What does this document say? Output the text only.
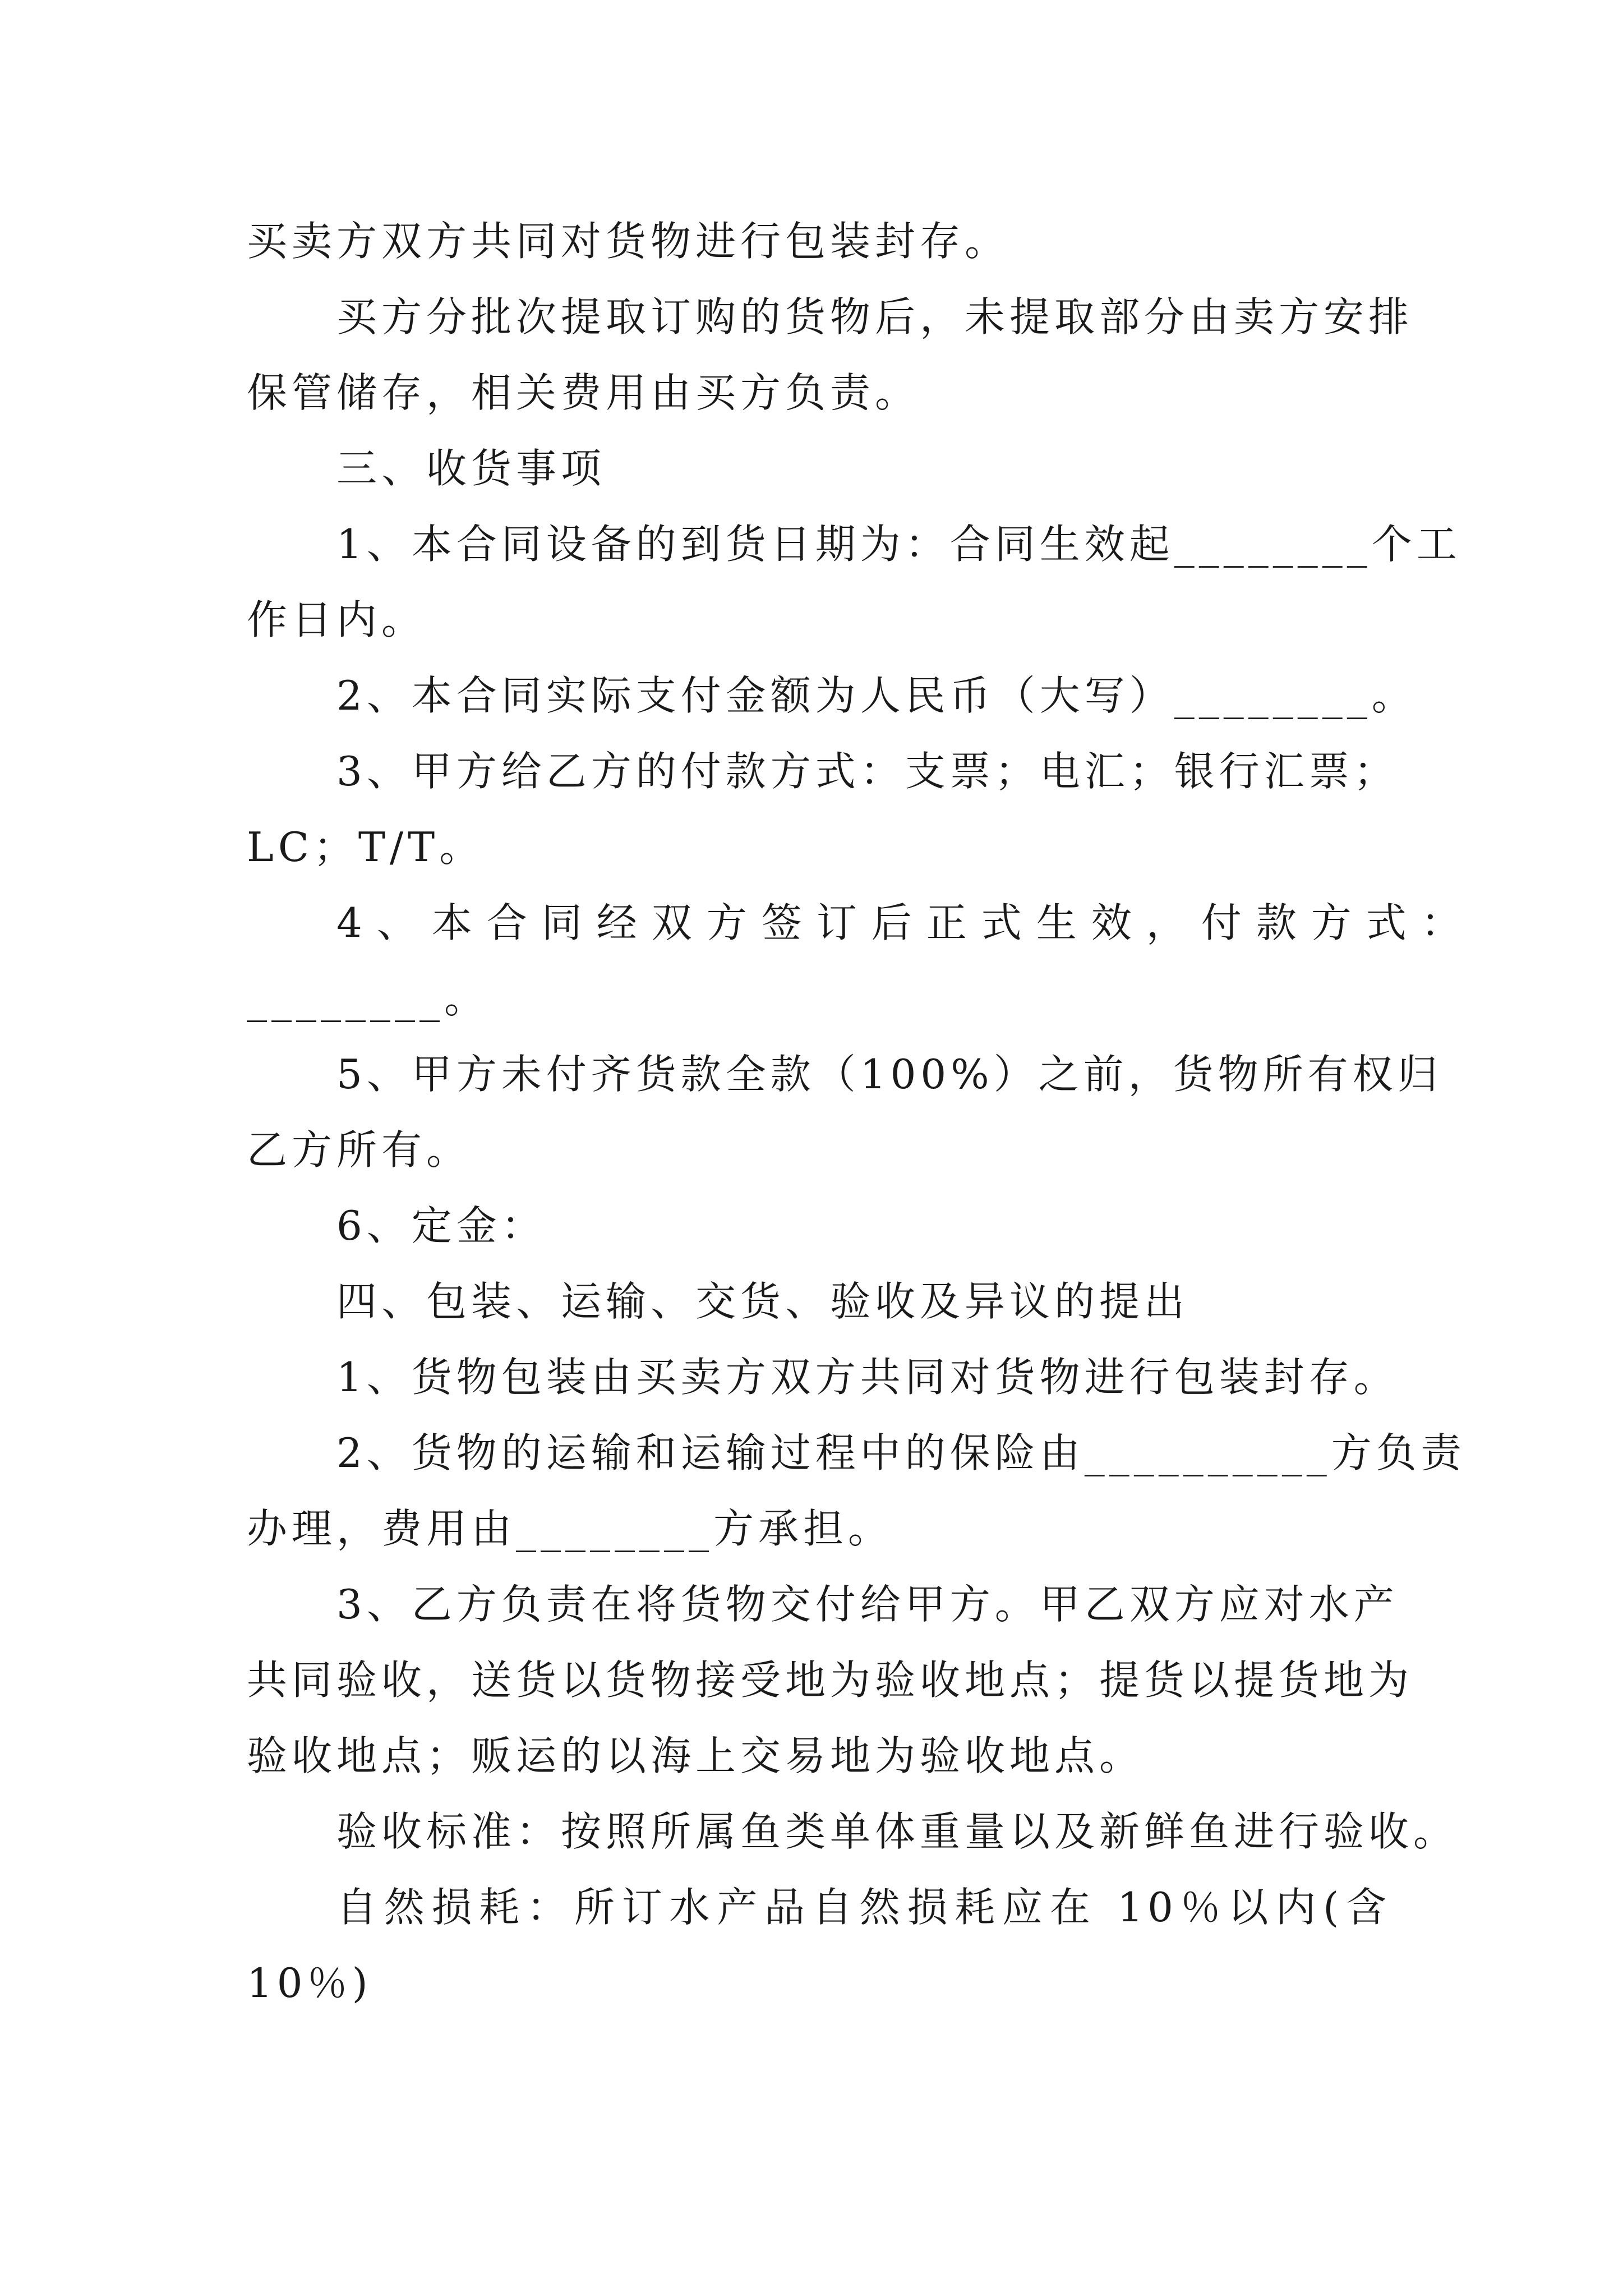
买卖方双方共同对货物进行包装封存。
买方分批次提取订购的货物后，未提取部分由卖方安排
保管储存，相关费用由买方负责。
三、收货事项
1、本合同设备的到货日期为：合同生效起________个工
作日内。
2、本合同实际支付金额为人民币（大写）________。
3、甲方给乙方的付款方式：支票；电汇；银行汇票；
LC；T/T。
4、本合同经双方签订后正式生效，付款方式：
________。
5、甲方未付齐货款全款（100%）之前，货物所有权归
乙方所有。
6、定金：
四、包装、运输、交货、验收及异议的提出
1、货物包装由买卖方双方共同对货物进行包装封存。
2、货物的运输和运输过程中的保险由__________方负责
办理，费用由________方承担。
3、乙方负责在将货物交付给甲方。甲乙双方应对水产
共同验收，送货以货物接受地为验收地点；提货以提货地为
验收地点；贩运的以海上交易地为验收地点。
验收标准：按照所属鱼类单体重量以及新鲜鱼进行验收。
自然损耗：所订水产品自然损耗应在 10％以内(含
10％)
